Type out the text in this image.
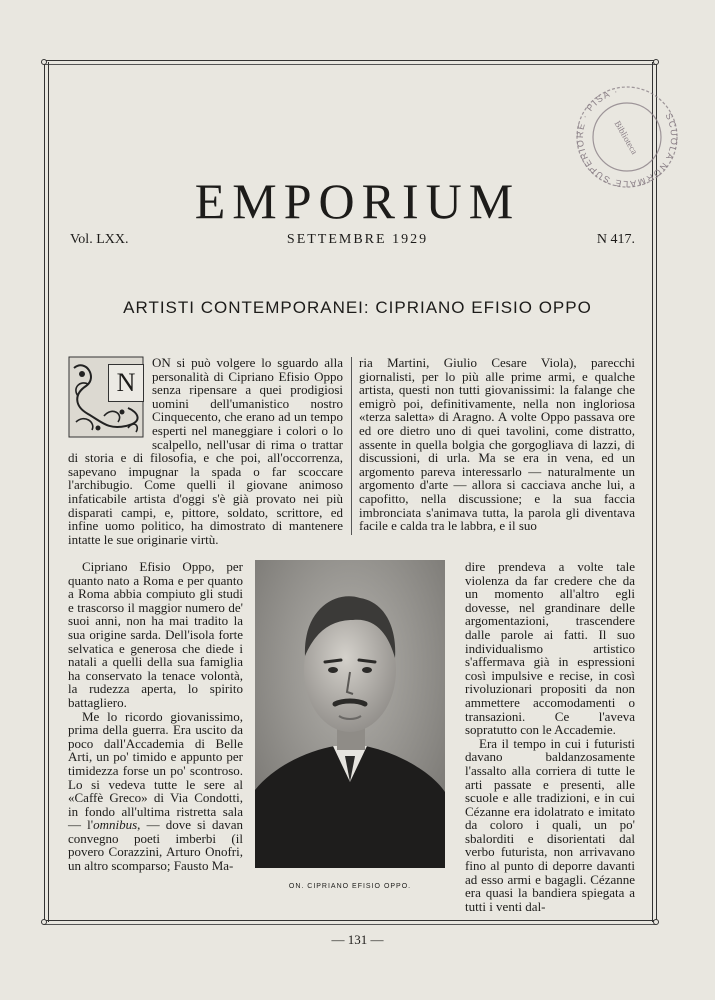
SCUOLA NORMALE SUPERIORE · PISA ·
Biblioteca
EMPORIUM
Vol. LXX.	SETTEMBRE 1929	N 417.
ARTISTI CONTEMPORANEI: CIPRIANO EFISIO OPPO
N

ON si può volgere lo sguardo alla personalità di Cipriano Efisio Oppo senza ripensare a quei prodigiosi uomini dell'umanistico nostro Cinquecento, che erano ad un tempo esperti nel maneggiare i colori o lo scalpello, nell'usar di rima o trattar di storia e di filosofia, e che poi, all'occorrenza, sapevano impugnar la spada o far scoccare l'archibugio. Come quelli il giovane animoso infaticabile artista d'oggi s'è già provato nei più disparati campi, e, pittore, soldato, scrittore, ed infine uomo politico, ha dimostrato di mantenere intatte le sue originarie virtù.

ria Martini, Giulio Cesare Viola), parecchi giornalisti, per lo più alle prime armi, e qualche artista, questi non tutti giovanissimi: la falange che emigrò poi, definitivamente, nella non ingloriosa «terza saletta» di Aragno. A volte Oppo passava ore ed ore dietro uno di quei tavolini, come distratto, assente in quella bolgia che gorgogliava di lazzi, di discussioni, di urla. Ma se era in vena, ed un argomento pareva interessarlo — naturalmente un argomento d'arte — allora si cacciava anche lui, a capofitto, nella discussione; e la sua faccia imbronciata s'animava tutta, la parola gli diventava facile e calda tra le labbra, e il suo

Cipriano Efisio Oppo, per quanto nato a Roma e per quanto a Roma abbia compiuto gli studi e trascorso il maggior numero de' suoi anni, non ha mai tradito la sua origine sarda. Dell'isola forte selvatica e generosa che diede i natali a quelli della sua famiglia ha conservato la tenace volontà, la rudezza aperta, lo spirito battagliero.

Me lo ricordo giovanissimo, prima della guerra. Era uscito da poco dall'Accademia di Belle Arti, un po' timido e appunto per timidezza forse un po' scontroso. Lo si vedeva tutte le sere al «Caffè Greco» di Via Condotti, in fondo all'ultima ristretta sala — l'omnibus, — dove si davan convegno poeti imberbi (il povero Corazzini, Arturo Onofri, un altro scomparso; Fausto Ma-

ON. CIPRIANO EFISIO OPPO.

dire prendeva a volte tale violenza da far credere che da un momento all'altro egli dovesse, nel grandinare delle argomentazioni, trascendere dalle parole ai fatti. Il suo individualismo artistico s'affermava già in espressioni così impulsive e recise, in così rivoluzionari propositi da non ammettere accomodamenti o transazioni. Ce l'aveva sopratutto con le Accademie.

Era il tempo in cui i futuristi davano baldanzosamente l'assalto alla corriera di tutte le arti passate e presenti, alle scuole e alle tradizioni, e in cui Cézanne era idolatrato e imitato da coloro i quali, un po' sbalorditi e disorientati dal verbo futurista, non arrivavano fino al punto di deporre davanti ad esso armi e bagagli. Cézanne era quasi la bandiera spiegata a tutti i venti dal-

— 131 —
